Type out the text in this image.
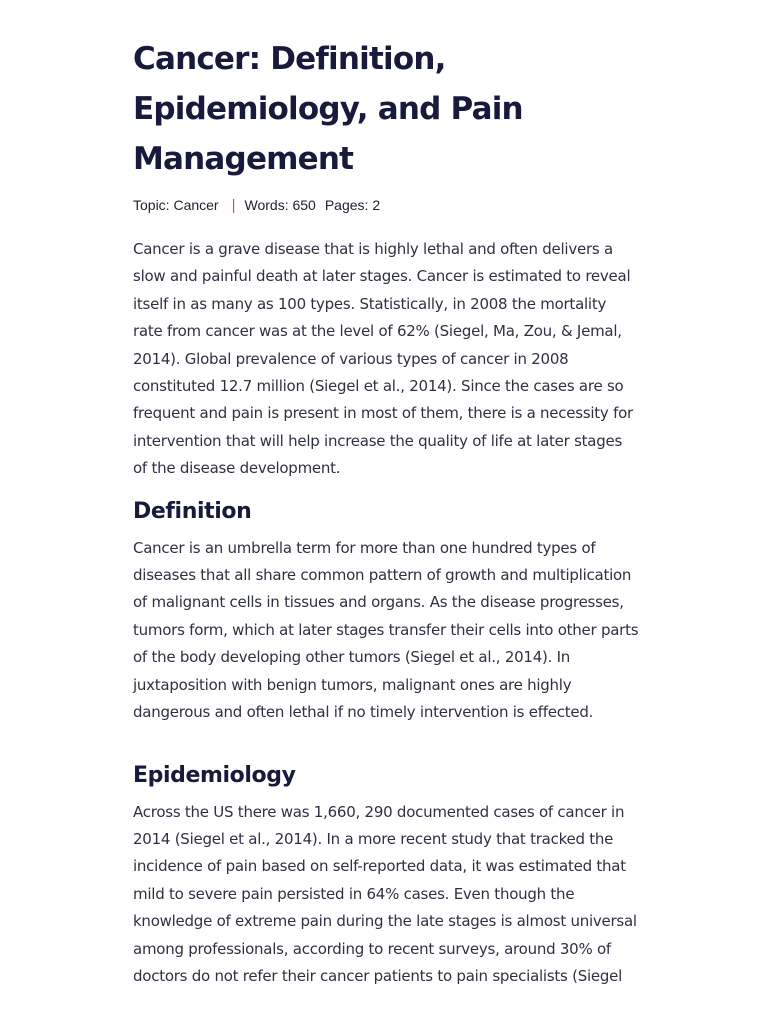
Cancer: Definition, Epidemiology, and Pain Management
Topic: Cancer | Words: 650 Pages: 2

Cancer is a grave disease that is highly lethal and often delivers a slow and painful death at later stages. Cancer is estimated to reveal itself in as many as 100 types. Statistically, in 2008 the mortality rate from cancer was at the level of 62% (Siegel, Ma, Zou, & Jemal, 2014). Global prevalence of various types of cancer in 2008 constituted 12.7 million (Siegel et al., 2014). Since the cases are so frequent and pain is present in most of them, there is a necessity for intervention that will help increase the quality of life at later stages of the disease development.

Definition

Cancer is an umbrella term for more than one hundred types of diseases that all share common pattern of growth and multiplication of malignant cells in tissues and organs. As the disease progresses, tumors form, which at later stages transfer their cells into other parts of the body developing other tumors (Siegel et al., 2014). In juxtaposition with benign tumors, malignant ones are highly dangerous and often lethal if no timely intervention is effected.

Epidemiology

Across the US there was 1,660, 290 documented cases of cancer in 2014 (Siegel et al., 2014). In a more recent study that tracked the incidence of pain based on self-reported data, it was estimated that mild to severe pain persisted in 64% cases. Even though the knowledge of extreme pain during the late stages is almost universal among professionals, according to recent surveys, around 30% of doctors do not refer their cancer patients to pain specialists (Siegel
